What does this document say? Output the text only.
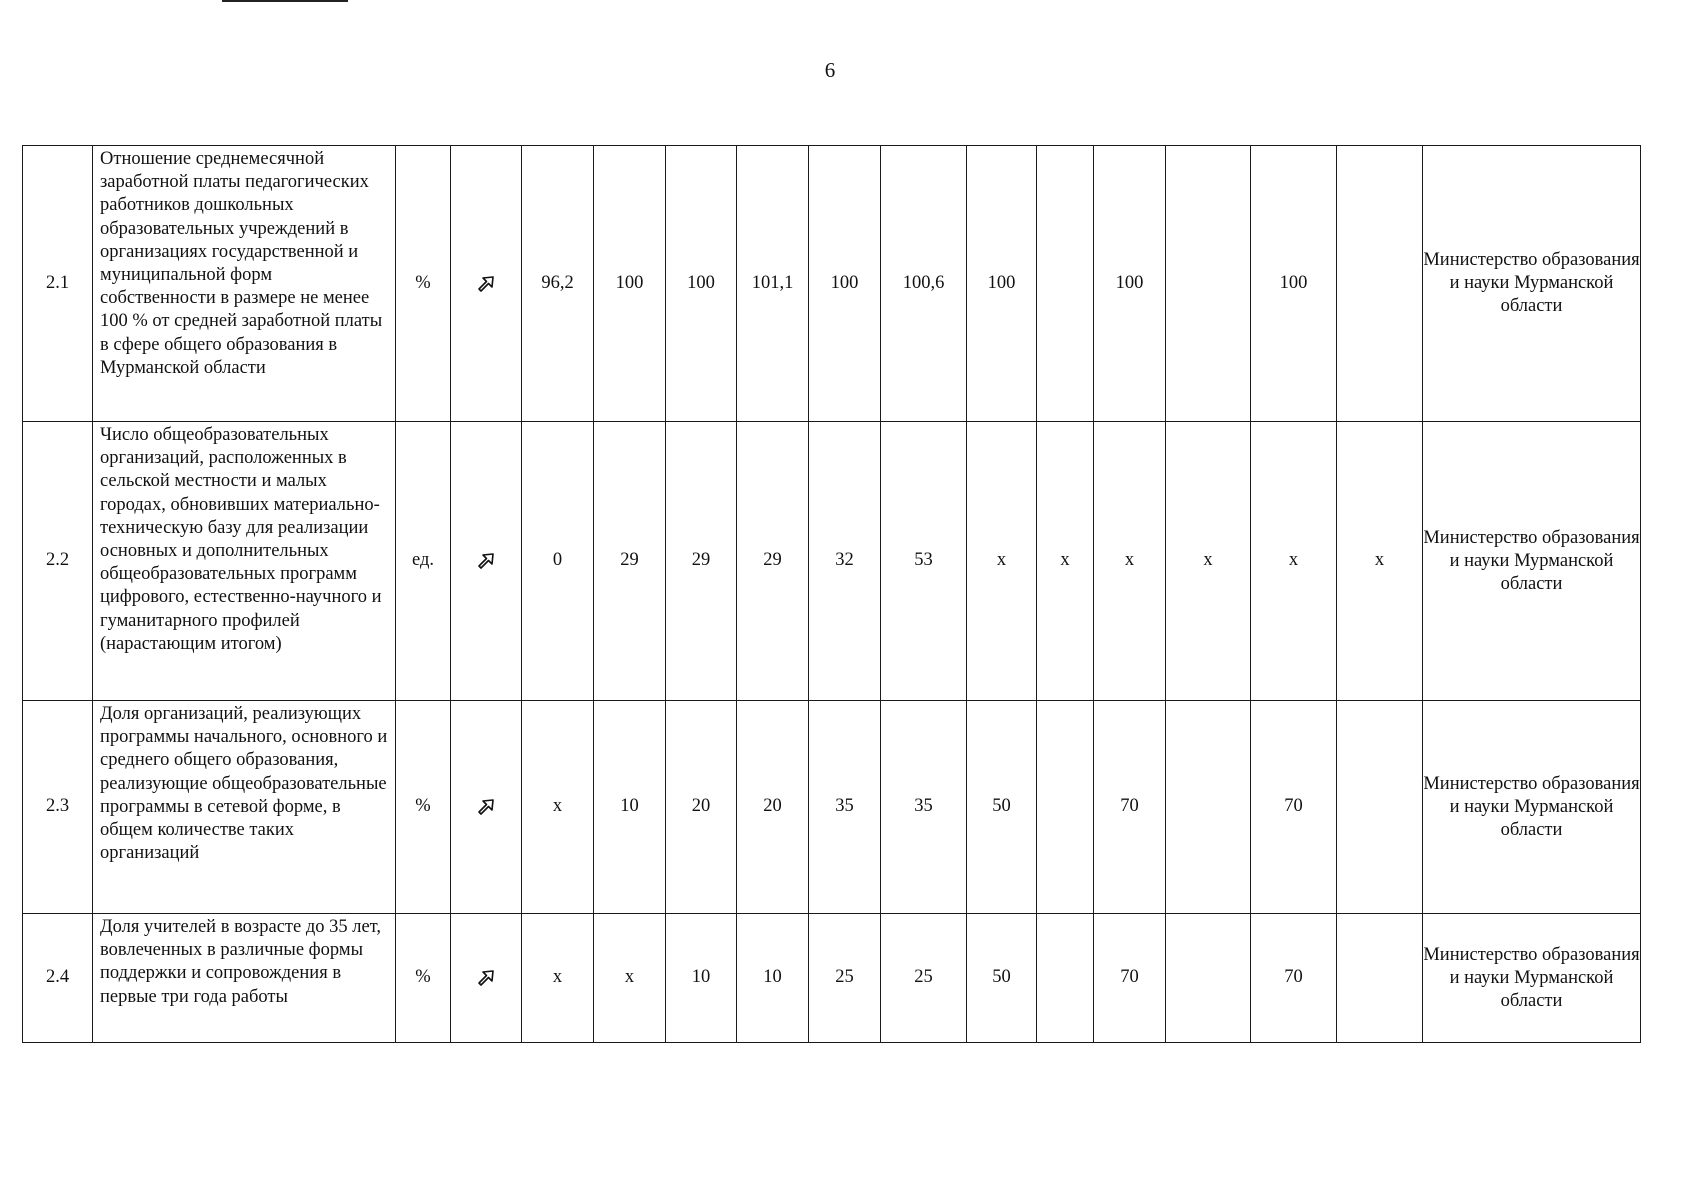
6
2.1	Отношение среднемесячной заработной платы педагогических работников дошкольных образовательных учреждений в организациях государственной и муниципальной форм собственности в размере не менее 100 % от средней заработной платы в сфере общего образования в Мурманской области	%		96,2	100	100	101,1	100	100,6	100		100		100		Министерство образования и науки Мурманской области
2.2	Число общеобразовательных организаций, расположенных в сельской местности и малых городах, обновивших материально-техническую базу для реализации основных и дополнительных общеобразовательных программ цифрового, естественно-научного и гуманитарного профилей (нарастающим итогом)	ед.		0	29	29	29	32	53	х	х	х	х	х	х	Министерство образования и науки Мурманской области
2.3	Доля организаций, реализующих программы начального, основного и среднего общего образования, реализующие общеобразовательные программы в сетевой форме, в общем количестве таких организаций	%		х	10	20	20	35	35	50		70		70		Министерство образования и науки Мурманской области
2.4	Доля учителей в возрасте до 35 лет, вовлеченных в различные формы поддержки и сопровождения в первые три года работы	%		х	х	10	10	25	25	50		70		70		Министерство образования и науки Мурманской области
